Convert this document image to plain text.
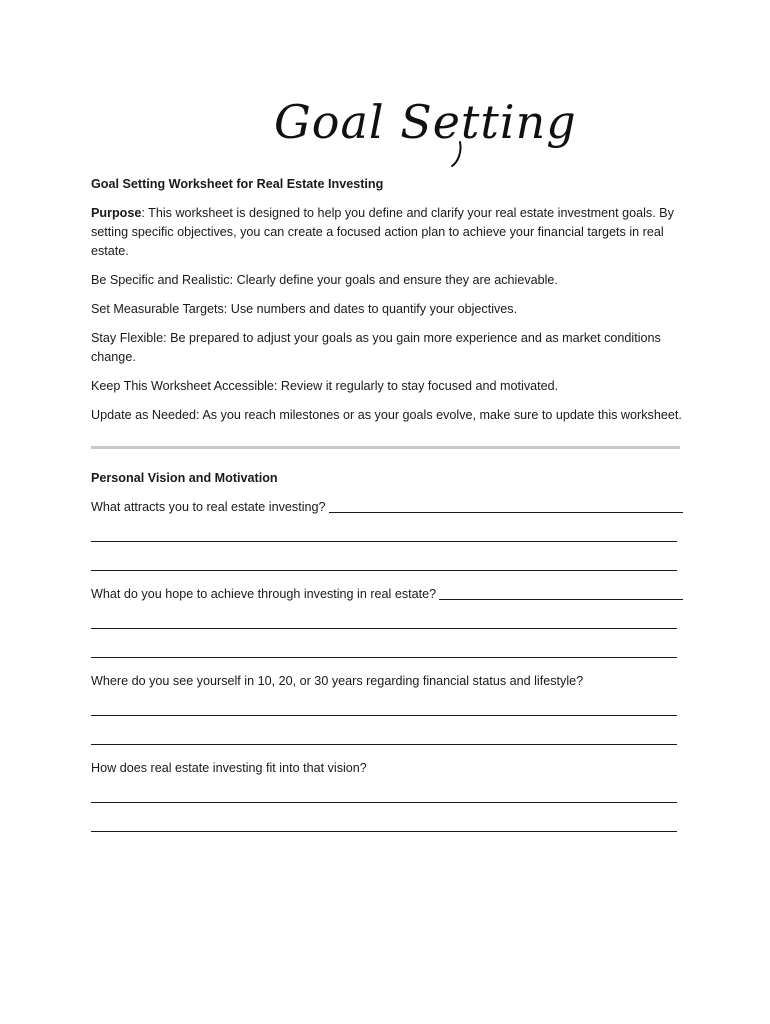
Goal Setting
Goal Setting Worksheet for Real Estate Investing
Purpose: This worksheet is designed to help you define and clarify your real estate investment goals. By setting specific objectives, you can create a focused action plan to achieve your financial targets in real estate.
Be Specific and Realistic: Clearly define your goals and ensure they are achievable.
Set Measurable Targets: Use numbers and dates to quantify your objectives.
Stay Flexible: Be prepared to adjust your goals as you gain more experience and as market conditions change.
Keep This Worksheet Accessible: Review it regularly to stay focused and motivated.
Update as Needed: As you reach milestones or as your goals evolve, make sure to update this worksheet.
Personal Vision and Motivation
What attracts you to real estate investing?
What do you hope to achieve through investing in real estate?
Where do you see yourself in 10, 20, or 30 years regarding financial status and lifestyle?
How does real estate investing fit into that vision?
